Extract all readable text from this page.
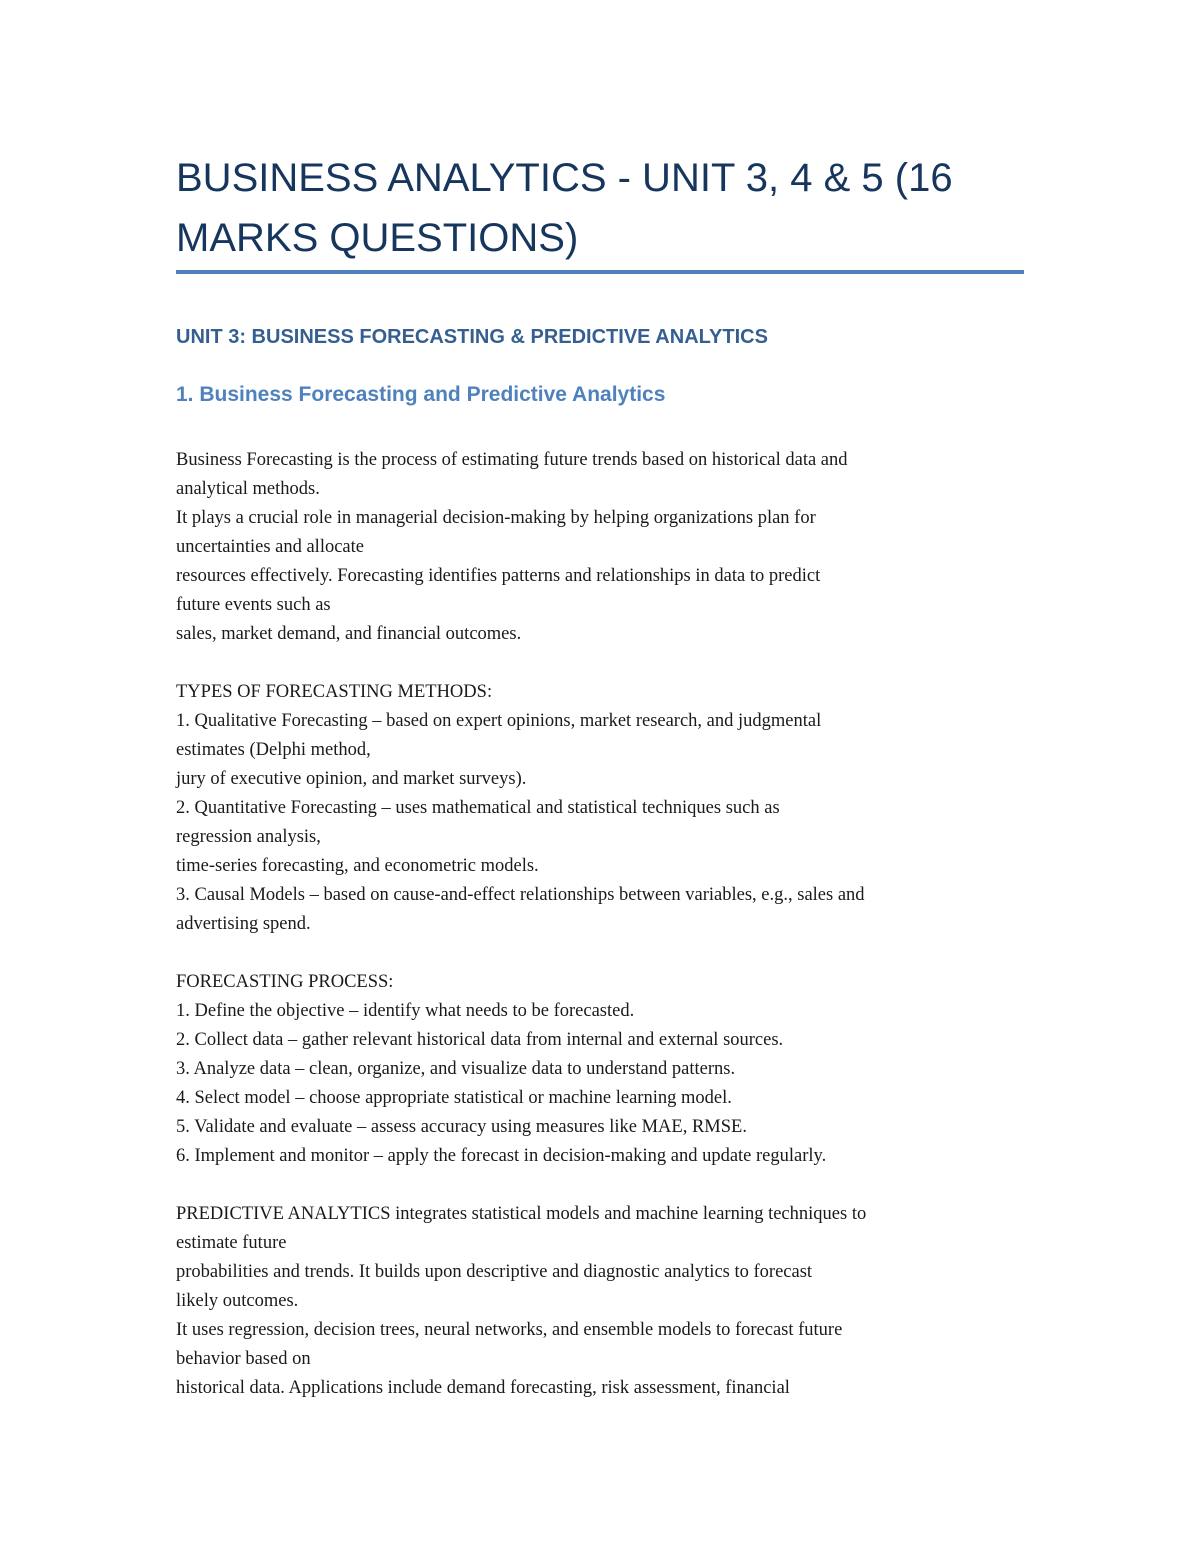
BUSINESS ANALYTICS - UNIT 3, 4 & 5 (16
MARKS QUESTIONS)
UNIT 3: BUSINESS FORECASTING & PREDICTIVE ANALYTICS
1. Business Forecasting and Predictive Analytics
Business Forecasting is the process of estimating future trends based on historical data and
analytical methods.
It plays a crucial role in managerial decision-making by helping organizations plan for
uncertainties and allocate
resources effectively. Forecasting identifies patterns and relationships in data to predict
future events such as
sales, market demand, and financial outcomes.
TYPES OF FORECASTING METHODS:
1. Qualitative Forecasting – based on expert opinions, market research, and judgmental
estimates (Delphi method,
jury of executive opinion, and market surveys).
2. Quantitative Forecasting – uses mathematical and statistical techniques such as
regression analysis,
time-series forecasting, and econometric models.
3. Causal Models – based on cause-and-effect relationships between variables, e.g., sales and
advertising spend.
FORECASTING PROCESS:
1. Define the objective – identify what needs to be forecasted.
2. Collect data – gather relevant historical data from internal and external sources.
3. Analyze data – clean, organize, and visualize data to understand patterns.
4. Select model – choose appropriate statistical or machine learning model.
5. Validate and evaluate – assess accuracy using measures like MAE, RMSE.
6. Implement and monitor – apply the forecast in decision-making and update regularly.
PREDICTIVE ANALYTICS integrates statistical models and machine learning techniques to
estimate future
probabilities and trends. It builds upon descriptive and diagnostic analytics to forecast
likely outcomes.
It uses regression, decision trees, neural networks, and ensemble models to forecast future
behavior based on
historical data. Applications include demand forecasting, risk assessment, financial
